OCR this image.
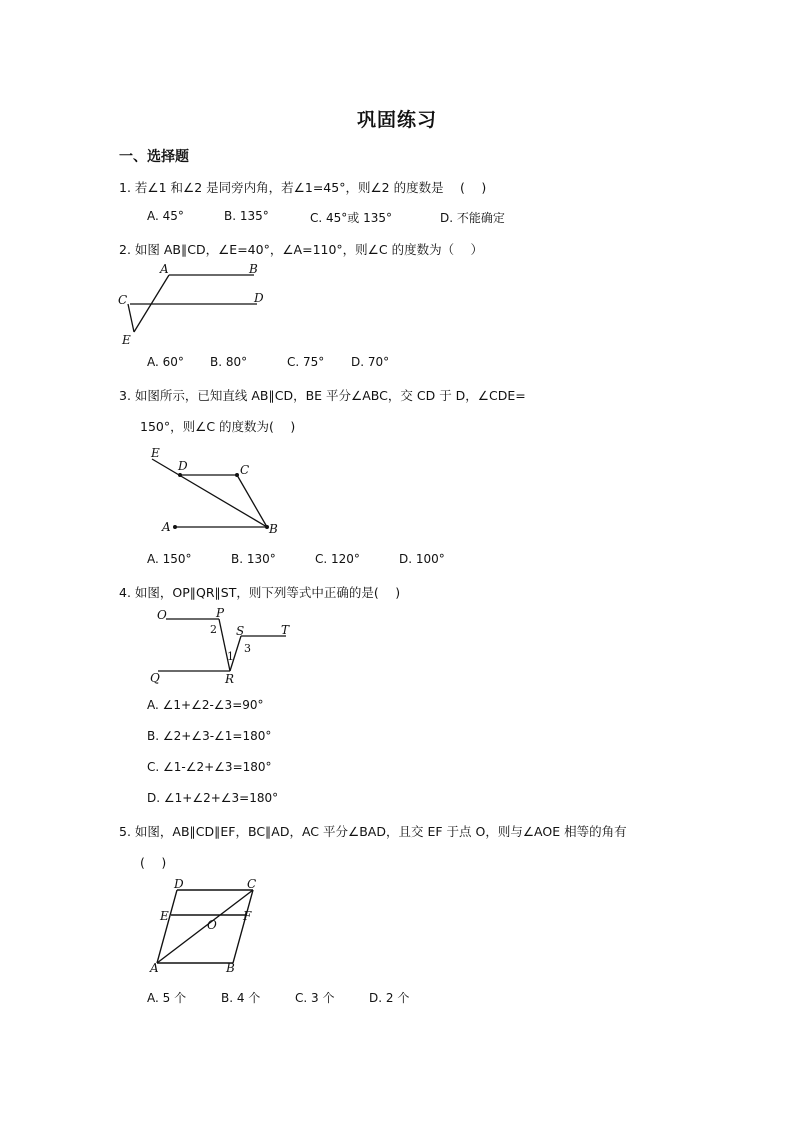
巩固练习
一、选择题
1. 若∠1 和∠2 是同旁内角，若∠1=45°，则∠2 的度数是　 (　 )
A. 45°	B. 135°	C. 45°或 135°	D. 不能确定
2. 如图 AB∥CD，∠E=40°，∠A=110°，则∠C 的度数为（　 ）
A	B
C	D
E
A. 60° B. 80°	C. 75° D. 70°
3. 如图所示，已知直线 AB∥CD，BE 平分∠ABC，交 CD 于 D，∠CDE=
150°，则∠C 的度数为(　 )
E
D	C
A	B
A. 150°	B. 130°	C. 120°	D. 100°
4. 如图，OP∥QR∥ST，则下列等式中正确的是(　 )
O	P
S	T
Q	R
2
1
3
A. ∠1+∠2-∠3=90°
B. ∠2+∠3-∠1=180°
C. ∠1-∠2+∠3=180°
D. ∠1+∠2+∠3=180°
5. 如图，AB∥CD∥EF，BC∥AD，AC 平分∠BAD，且交 EF 于点 O，则与∠AOE 相等的角有
(　 )
D	C
E	F
O
A	B
A. 5 个	B. 4 个	C. 3 个	D. 2 个
